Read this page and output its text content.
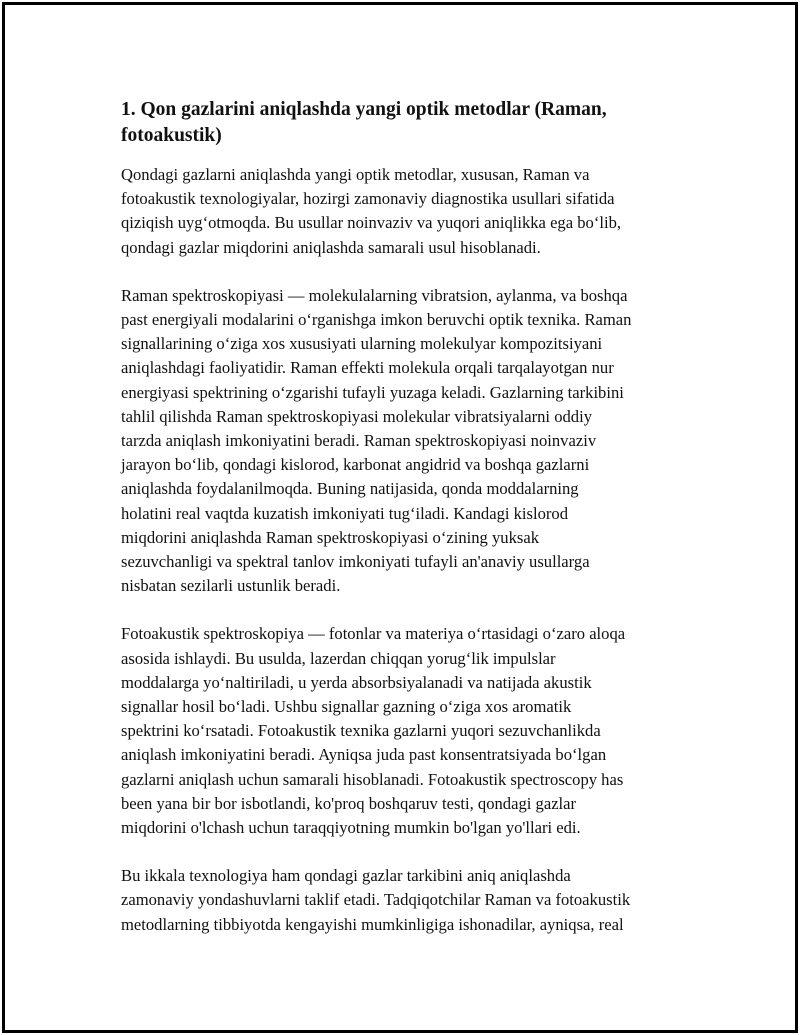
1. Qon gazlarini aniqlashda yangi optik metodlar (Raman,
fotoakustik)

Qondagi gazlarni aniqlashda yangi optik metodlar, xususan, Raman va
fotoakustik texnologiyalar, hozirgi zamonaviy diagnostika usullari sifatida
qiziqish uyg‘otmoqda. Bu usullar noinvaziv va yuqori aniqlikka ega bo‘lib,
qondagi gazlar miqdorini aniqlashda samarali usul hisoblanadi.

Raman spektroskopiyasi — molekulalarning vibratsion, aylanma, va boshqa
past energiyali modalarini o‘rganishga imkon beruvchi optik texnika. Raman
signallarining o‘ziga xos xususiyati ularning molekulyar kompozitsiyani
aniqlashdagi faoliyatidir. Raman effekti molekula orqali tarqalayotgan nur
energiyasi spektrining o‘zgarishi tufayli yuzaga keladi. Gazlarning tarkibini
tahlil qilishda Raman spektroskopiyasi molekular vibratsiyalarni oddiy
tarzda aniqlash imkoniyatini beradi. Raman spektroskopiyasi noinvaziv
jarayon bo‘lib, qondagi kislorod, karbonat angidrid va boshqa gazlarni
aniqlashda foydalanilmoqda. Buning natijasida, qonda moddalarning
holatini real vaqtda kuzatish imkoniyati tug‘iladi. Kandagi kislorod
miqdorini aniqlashda Raman spektroskopiyasi o‘zining yuksak
sezuvchanligi va spektral tanlov imkoniyati tufayli an'anaviy usullarga
nisbatan sezilarli ustunlik beradi.

Fotoakustik spektroskopiya — fotonlar va materiya o‘rtasidagi o‘zaro aloqa
asosida ishlaydi. Bu usulda, lazerdan chiqqan yorug‘lik impulslar
moddalarga yo‘naltiriladi, u yerda absorbsiyalanadi va natijada akustik
signallar hosil bo‘ladi. Ushbu signallar gazning o‘ziga xos aromatik
spektrini ko‘rsatadi. Fotoakustik texnika gazlarni yuqori sezuvchanlikda
aniqlash imkoniyatini beradi. Ayniqsa juda past konsentratsiyada bo‘lgan
gazlarni aniqlash uchun samarali hisoblanadi. Fotoakustik spectroscopy has
been yana bir bor isbotlandi, ko'proq boshqaruv testi, qondagi gazlar
miqdorini o'lchash uchun taraqqiyotning mumkin bo'lgan yo'llari edi.

Bu ikkala texnologiya ham qondagi gazlar tarkibini aniq aniqlashda
zamonaviy yondashuvlarni taklif etadi. Tadqiqotchilar Raman va fotoakustik
metodlarning tibbiyotda kengayishi mumkinligiga ishonadilar, ayniqsa, real
